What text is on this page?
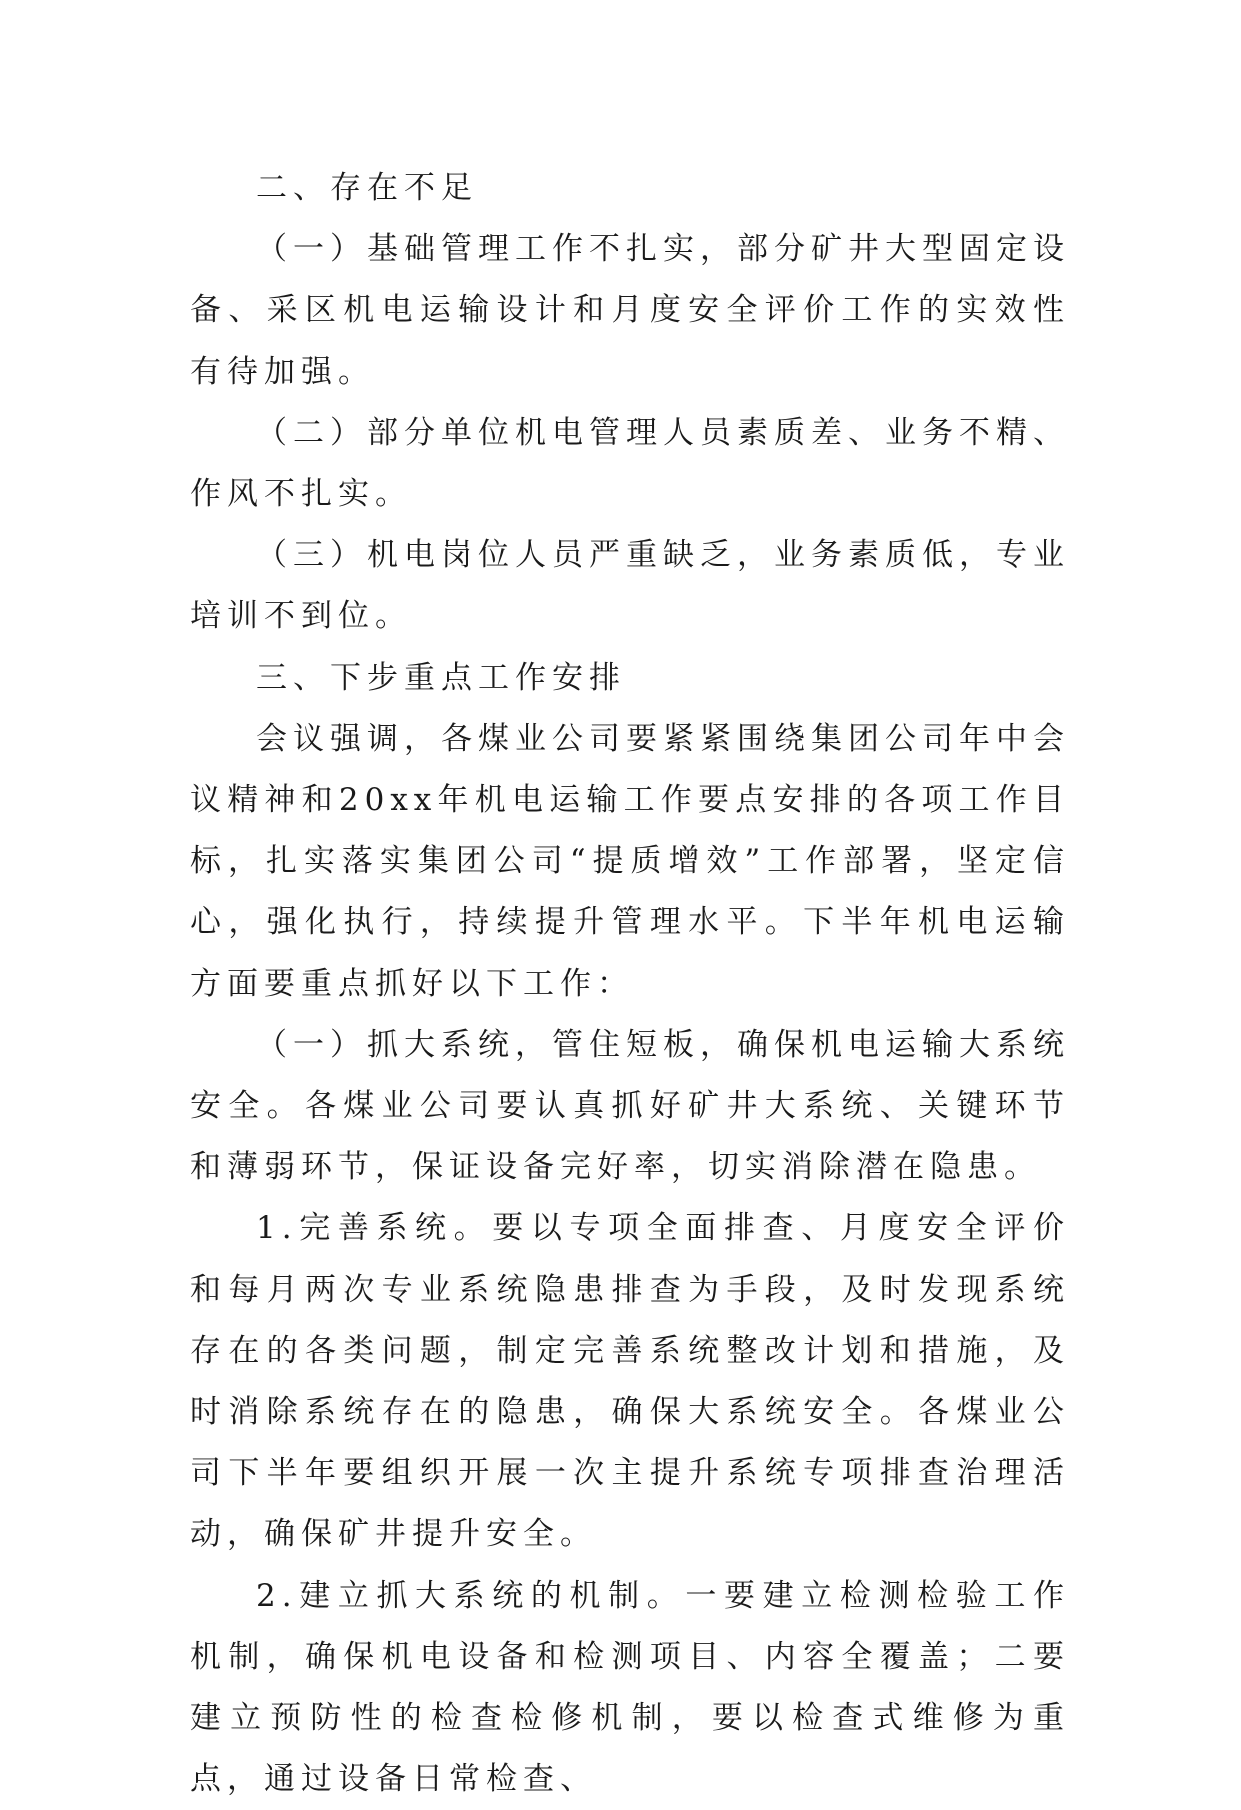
二、存在不足

（一）基础管理工作不扎实，部分矿井大型固定设备、采区机电运输设计和月度安全评价工作的实效性有待加强。

（二）部分单位机电管理人员素质差、业务不精、作风不扎实。

（三）机电岗位人员严重缺乏，业务素质低，专业培训不到位。

三、下步重点工作安排

会议强调，各煤业公司要紧紧围绕集团公司年中会议精神和20xx年机电运输工作要点安排的各项工作目标，扎实落实集团公司“提质增效”工作部署，坚定信心，强化执行，持续提升管理水平。下半年机电运输方面要重点抓好以下工作：

（一）抓大系统，管住短板，确保机电运输大系统安全。各煤业公司要认真抓好矿井大系统、关键环节和薄弱环节，保证设备完好率，切实消除潜在隐患。

1.完善系统。要以专项全面排查、月度安全评价和每月两次专业系统隐患排查为手段，及时发现系统存在的各类问题，制定完善系统整改计划和措施，及时消除系统存在的隐患，确保大系统安全。各煤业公司下半年要组织开展一次主提升系统专项排查治理活动，确保矿井提升安全。

2.建立抓大系统的机制。一要建立检测检验工作机制，确保机电设备和检测项目、内容全覆盖；二要建立预防性的检查检修机制，要以检查式维修为重点，通过设备日常检查、
